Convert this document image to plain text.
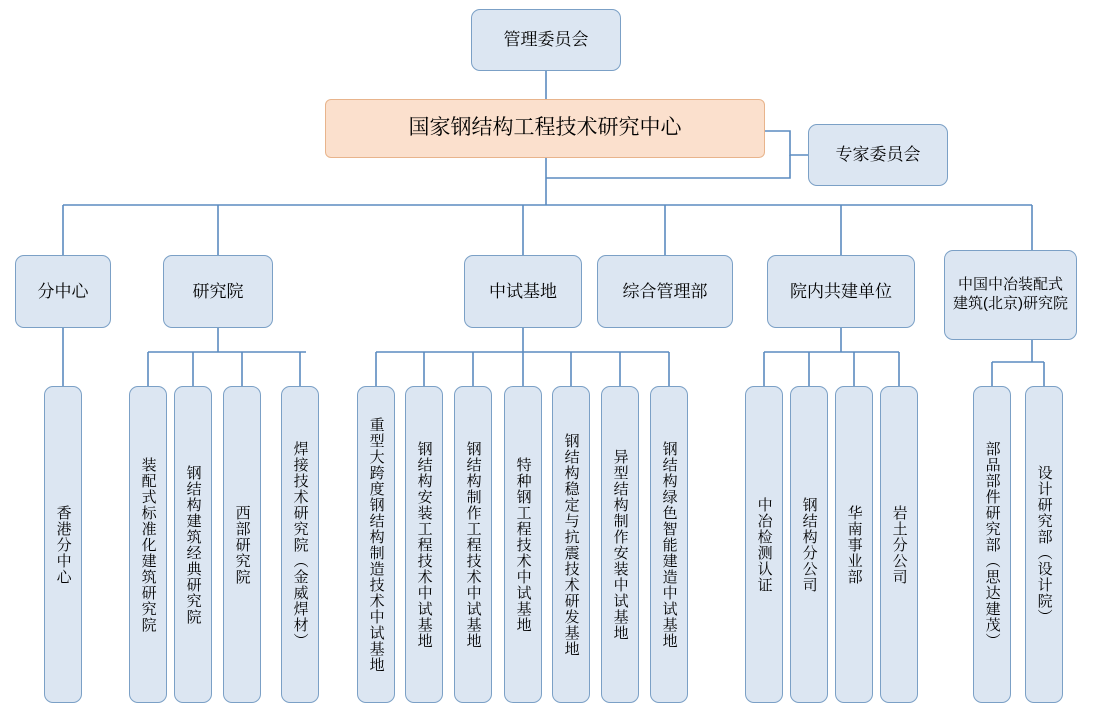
管理委员会
国家钢结构工程技术研究中心
专家委员会
分中心	研究院	中试基地	综合管理部	院内共建单位	中国中冶装配式建筑(北京)研究院
香港分中心	装配式标准化建筑研究院 钢结构建筑经典研究院 西部研究院	焊接技术研究院（金威焊材）	重型大跨度钢结构制造技术中试基地 钢结构安装工程技术中试基地 钢结构制作工程技术中试基地 特种钢工程技术中试基地 钢结构稳定与抗震技术研发基地 异型结构制作安装中试基地 钢结构绿色智能建造中试基地	中冶检测认证 钢结构分公司 华南事业部 岩土分公司	部品部件研究部（思达建茂） 设计研究部（设计院）
